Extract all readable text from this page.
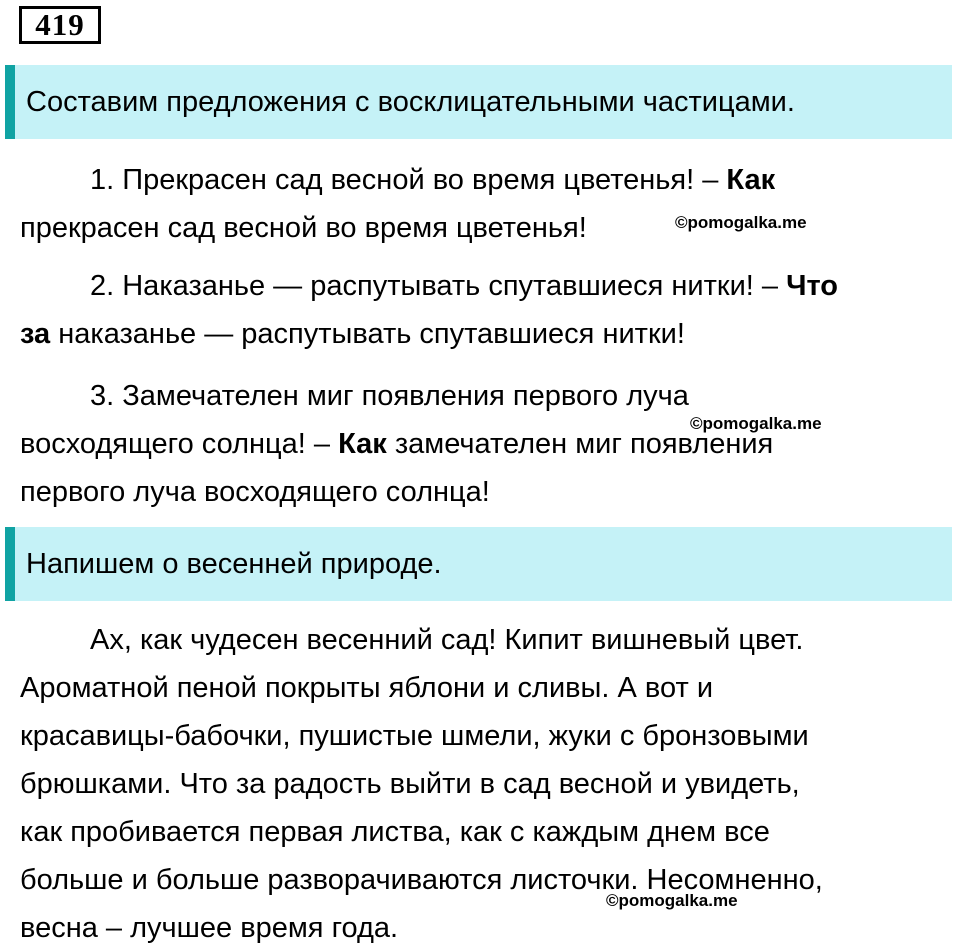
419
Составим предложения с восклицательными частицами.

1. Прекрасен сад весной во время цветенья! – Как
прекрасен сад весной во время цветенья!

2. Наказанье — распутывать спутавшиеся нитки! – Что
за наказанье — распутывать спутавшиеся нитки!

3. Замечателен миг появления первого луча
восходящего солнца! – Как замечателен миг появления
первого луча восходящего солнца!

Напишем о весенней природе.

Ах, как чудесен весенний сад! Кипит вишневый цвет.
Ароматной пеной покрыты яблони и сливы. А вот и
красавицы-бабочки, пушистые шмели, жуки с бронзовыми
брюшками. Что за радость выйти в сад весной и увидеть,
как пробивается первая листва, как с каждым днем все
больше и больше разворачиваются листочки. Несомненно,
весна – лучшее время года.

©pomogalka.me
©pomogalka.me
©pomogalka.me
